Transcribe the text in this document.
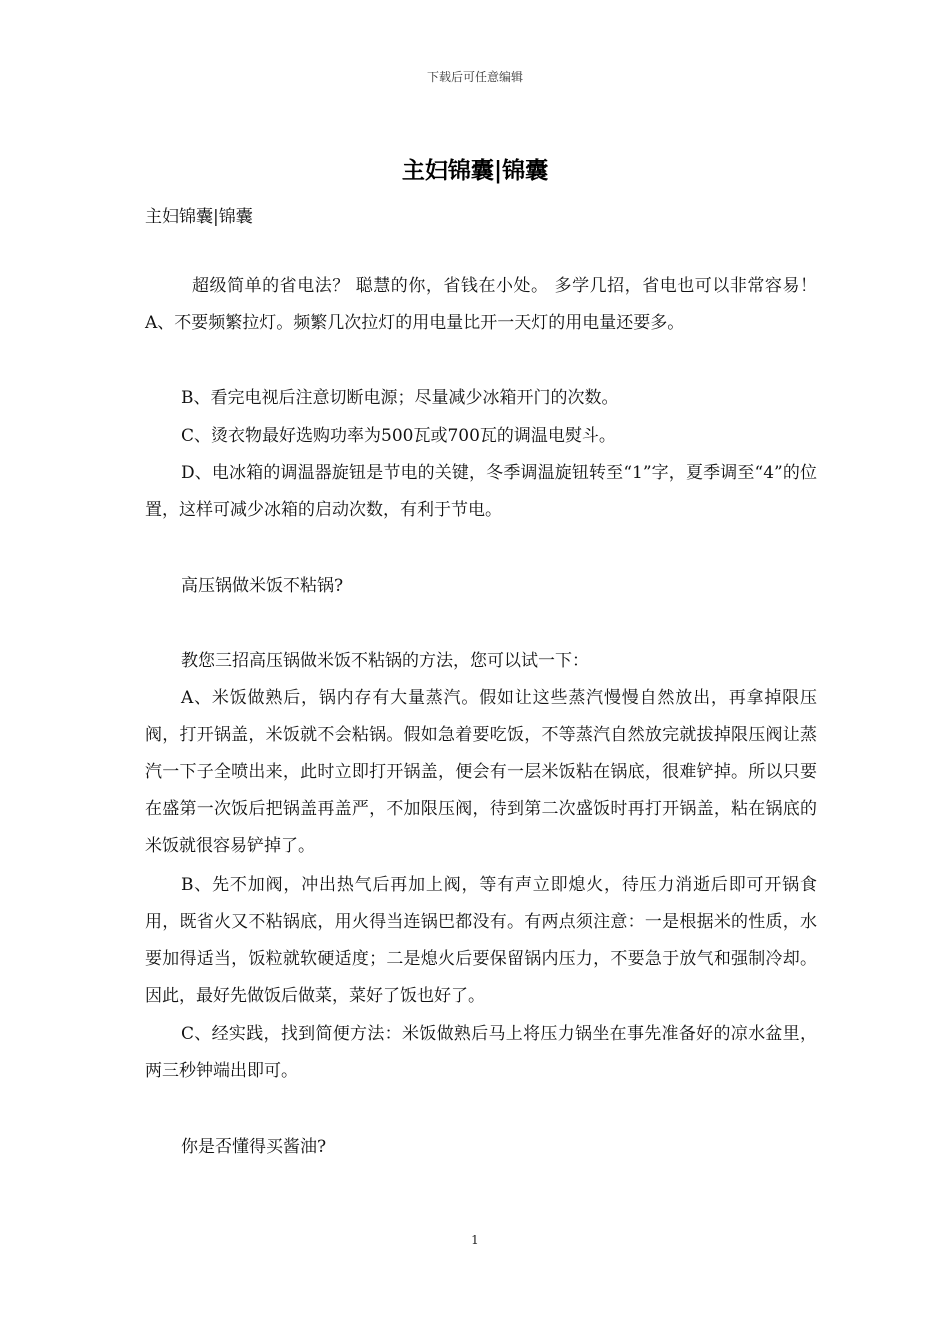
下载后可任意编辑
主妇锦囊|锦囊
主妇锦囊|锦囊

超级简单的省电法？ 聪慧的你，省钱在小处。 多学几招，省电也可以非常容易！ A、不要频繁拉灯。频繁几次拉灯的用电量比开一天灯的用电量还要多。

B、看完电视后注意切断电源；尽量减少冰箱开门的次数。

C、烫衣物最好选购功率为500瓦或700瓦的调温电熨斗。

D、电冰箱的调温器旋钮是节电的关键，冬季调温旋钮转至“1”字，夏季调至“4”的位置，这样可减少冰箱的启动次数，有利于节电。

高压锅做米饭不粘锅?

教您三招高压锅做米饭不粘锅的方法，您可以试一下：

A、米饭做熟后，锅内存有大量蒸汽。假如让这些蒸汽慢慢自然放出，再拿掉限压阀，打开锅盖，米饭就不会粘锅。假如急着要吃饭，不等蒸汽自然放完就拔掉限压阀让蒸汽一下子全喷出来，此时立即打开锅盖，便会有一层米饭粘在锅底，很难铲掉。所以只要在盛第一次饭后把锅盖再盖严，不加限压阀，待到第二次盛饭时再打开锅盖，粘在锅底的米饭就很容易铲掉了。

B、先不加阀，冲出热气后再加上阀，等有声立即熄火，待压力消逝后即可开锅食用，既省火又不粘锅底，用火得当连锅巴都没有。有两点须注意：一是根据米的性质，水要加得适当，饭粒就软硬适度；二是熄火后要保留锅内压力，不要急于放气和强制冷却。因此，最好先做饭后做菜，菜好了饭也好了。

C、经实践，找到简便方法：米饭做熟后马上将压力锅坐在事先准备好的凉水盆里，两三秒钟端出即可。

你是否懂得买酱油?

1
